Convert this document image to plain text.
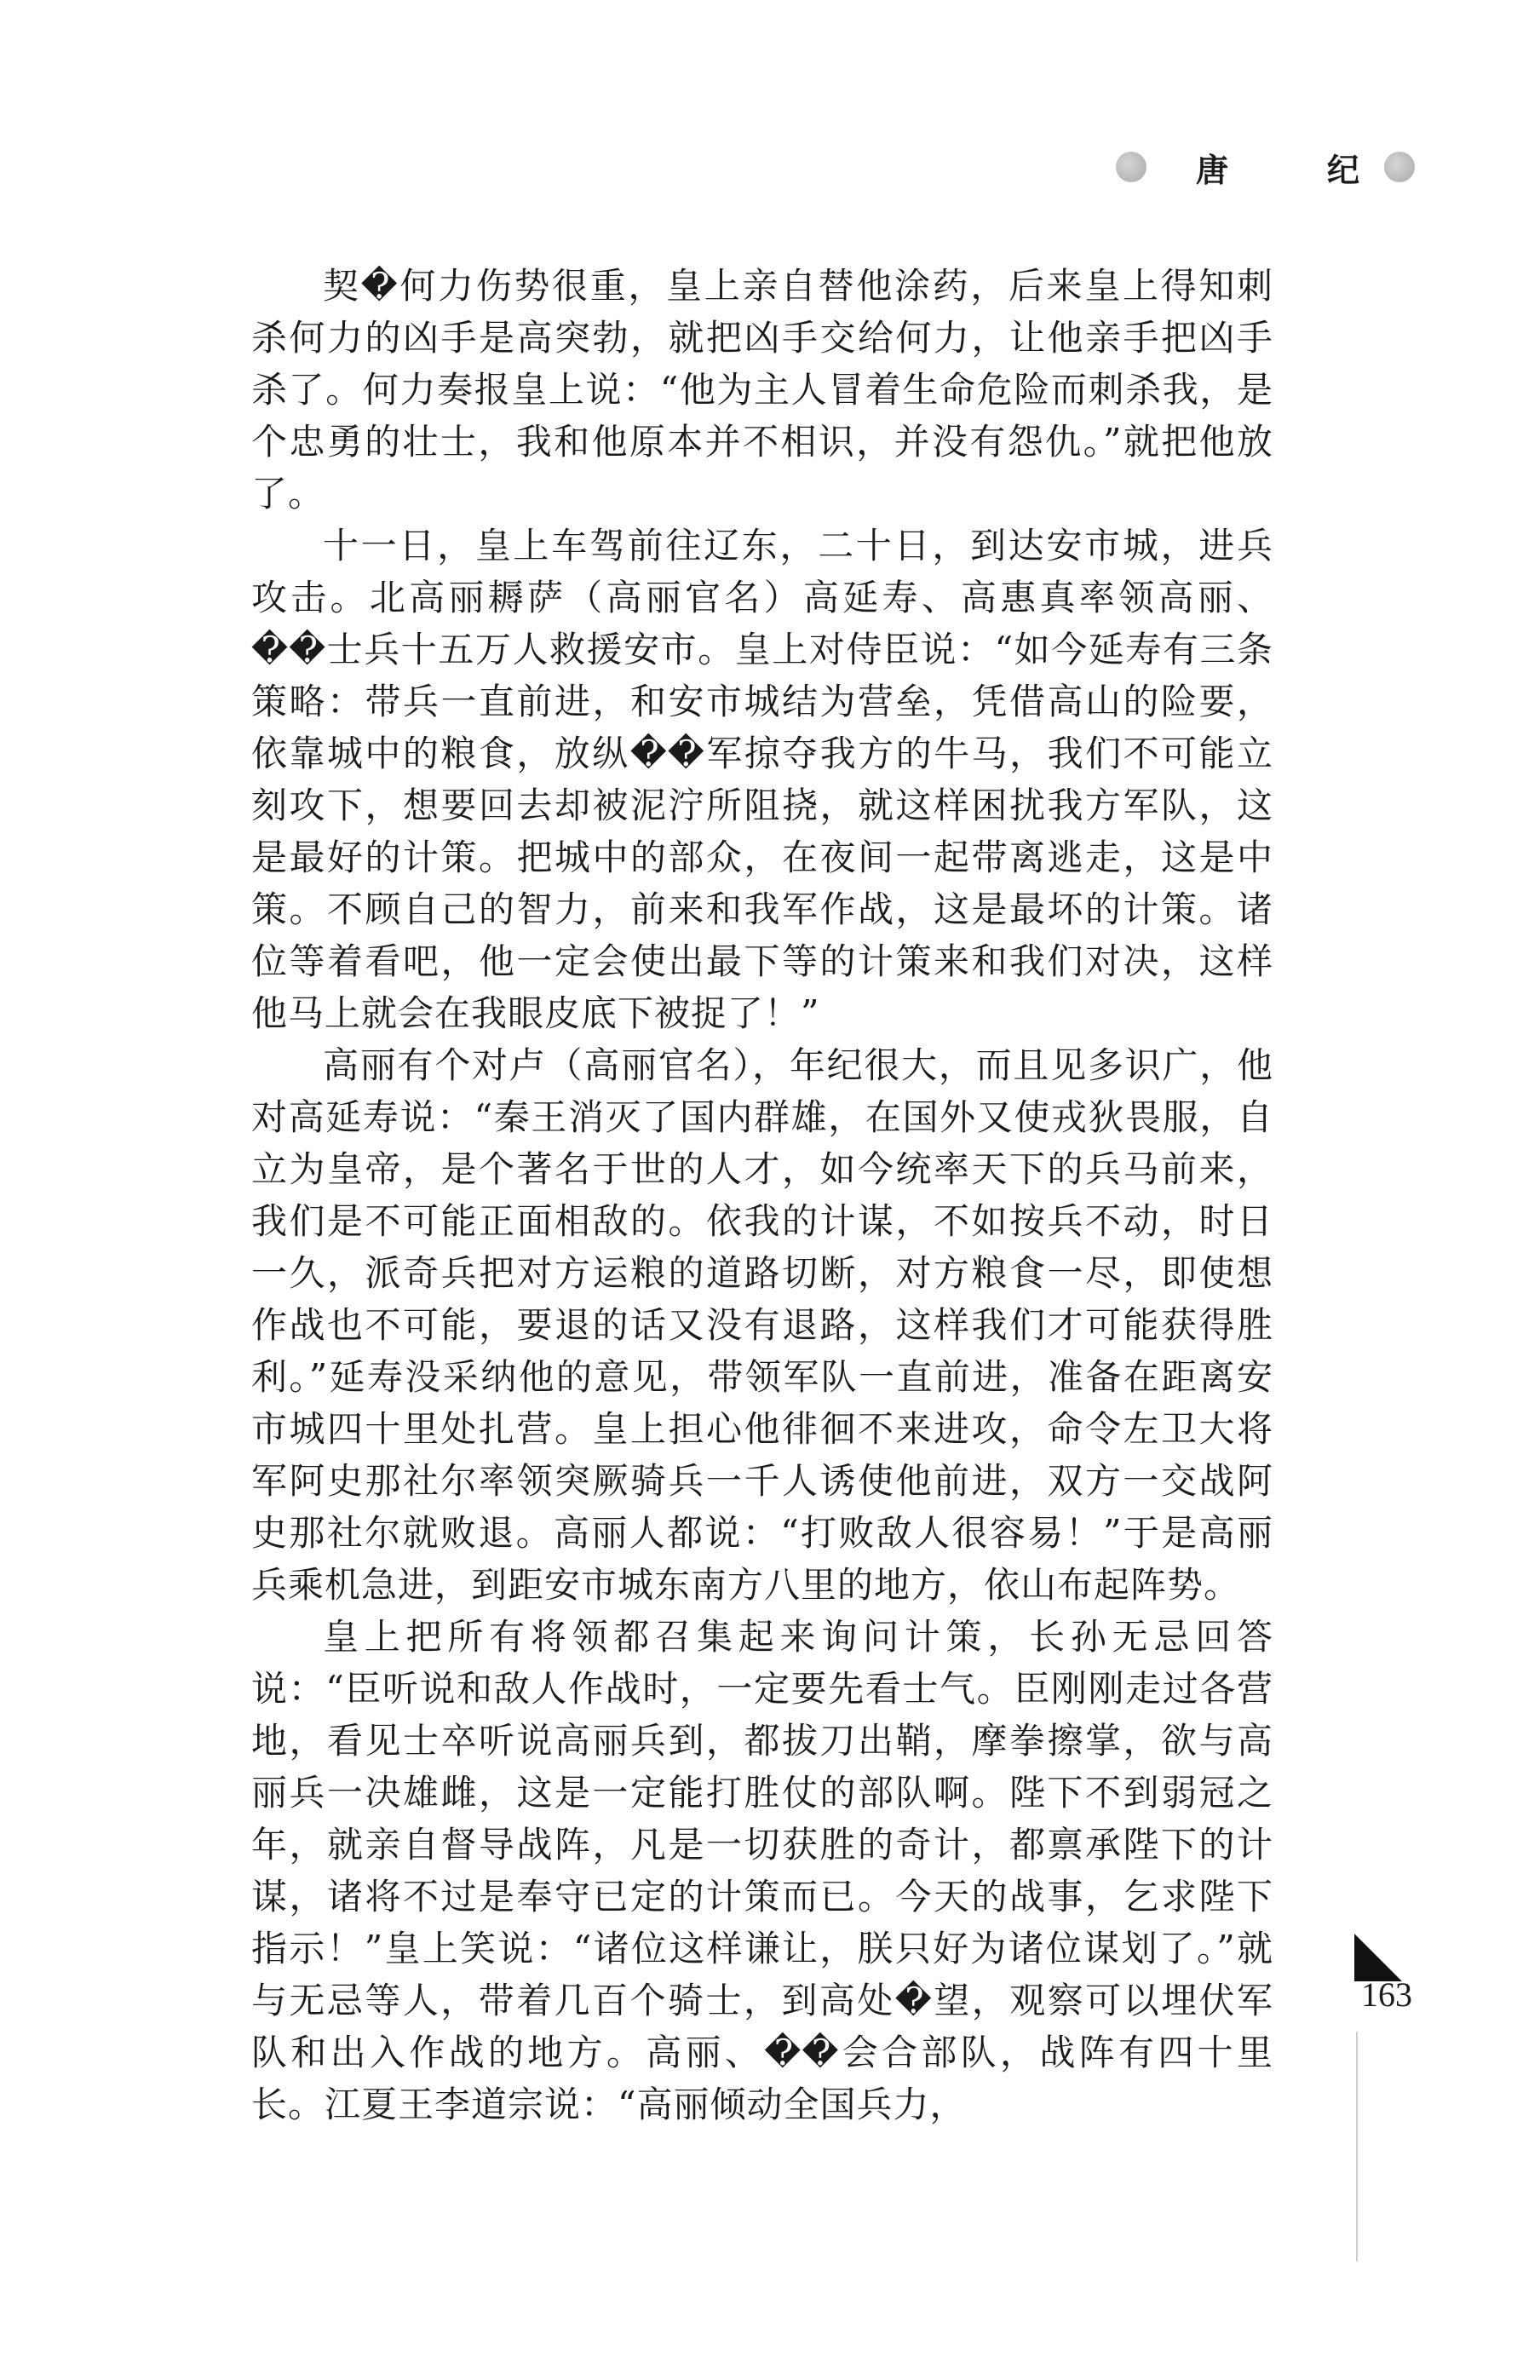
唐	纪

契�何力伤势很重，皇上亲自替他涂药，后来皇上得知刺杀何力的凶手是高突勃，就把凶手交给何力，让他亲手把凶手杀了。何力奏报皇上说：“他为主人冒着生命危险而刺杀我，是个忠勇的壮士，我和他原本并不相识，并没有怨仇。”就把他放了。

十一日，皇上车驾前往辽东，二十日，到达安市城，进兵攻击。北高丽耨萨（高丽官名）高延寿、高惠真率领高丽、��士兵十五万人救援安市。皇上对侍臣说：“如今延寿有三条策略：带兵一直前进，和安市城结为营垒，凭借高山的险要，依靠城中的粮食，放纵��军掠夺我方的牛马，我们不可能立刻攻下，想要回去却被泥泞所阻挠，就这样困扰我方军队，这是最好的计策。把城中的部众，在夜间一起带离逃走，这是中策。不顾自己的智力，前来和我军作战，这是最坏的计策。诸位等着看吧，他一定会使出最下等的计策来和我们对决，这样他马上就会在我眼皮底下被捉了！”

高丽有个对卢（高丽官名），年纪很大，而且见多识广，他对高延寿说：“秦王消灭了国内群雄，在国外又使戎狄畏服，自立为皇帝，是个著名于世的人才，如今统率天下的兵马前来，我们是不可能正面相敌的。依我的计谋，不如按兵不动，时日一久，派奇兵把对方运粮的道路切断，对方粮食一尽，即使想作战也不可能，要退的话又没有退路，这样我们才可能获得胜利。”延寿没采纳他的意见，带领军队一直前进，准备在距离安市城四十里处扎营。皇上担心他徘徊不来进攻，命令左卫大将军阿史那社尔率领突厥骑兵一千人诱使他前进，双方一交战阿史那社尔就败退。高丽人都说：“打败敌人很容易！”于是高丽兵乘机急进，到距安市城东南方八里的地方，依山布起阵势。

皇上把所有将领都召集起来询问计策，长孙无忌回答说：“臣听说和敌人作战时，一定要先看士气。臣刚刚走过各营地，看见士卒听说高丽兵到，都拔刀出鞘，摩拳擦掌，欲与高丽兵一决雄雌，这是一定能打胜仗的部队啊。陛下不到弱冠之年，就亲自督导战阵，凡是一切获胜的奇计，都禀承陛下的计谋，诸将不过是奉守已定的计策而已。今天的战事，乞求陛下指示！”皇上笑说：“诸位这样谦让，朕只好为诸位谋划了。”就与无忌等人，带着几百个骑士，到高处�望，观察可以埋伏军队和出入作战的地方。高丽、��会合部队，战阵有四十里长。江夏王李道宗说：“高丽倾动全国兵力，

163
